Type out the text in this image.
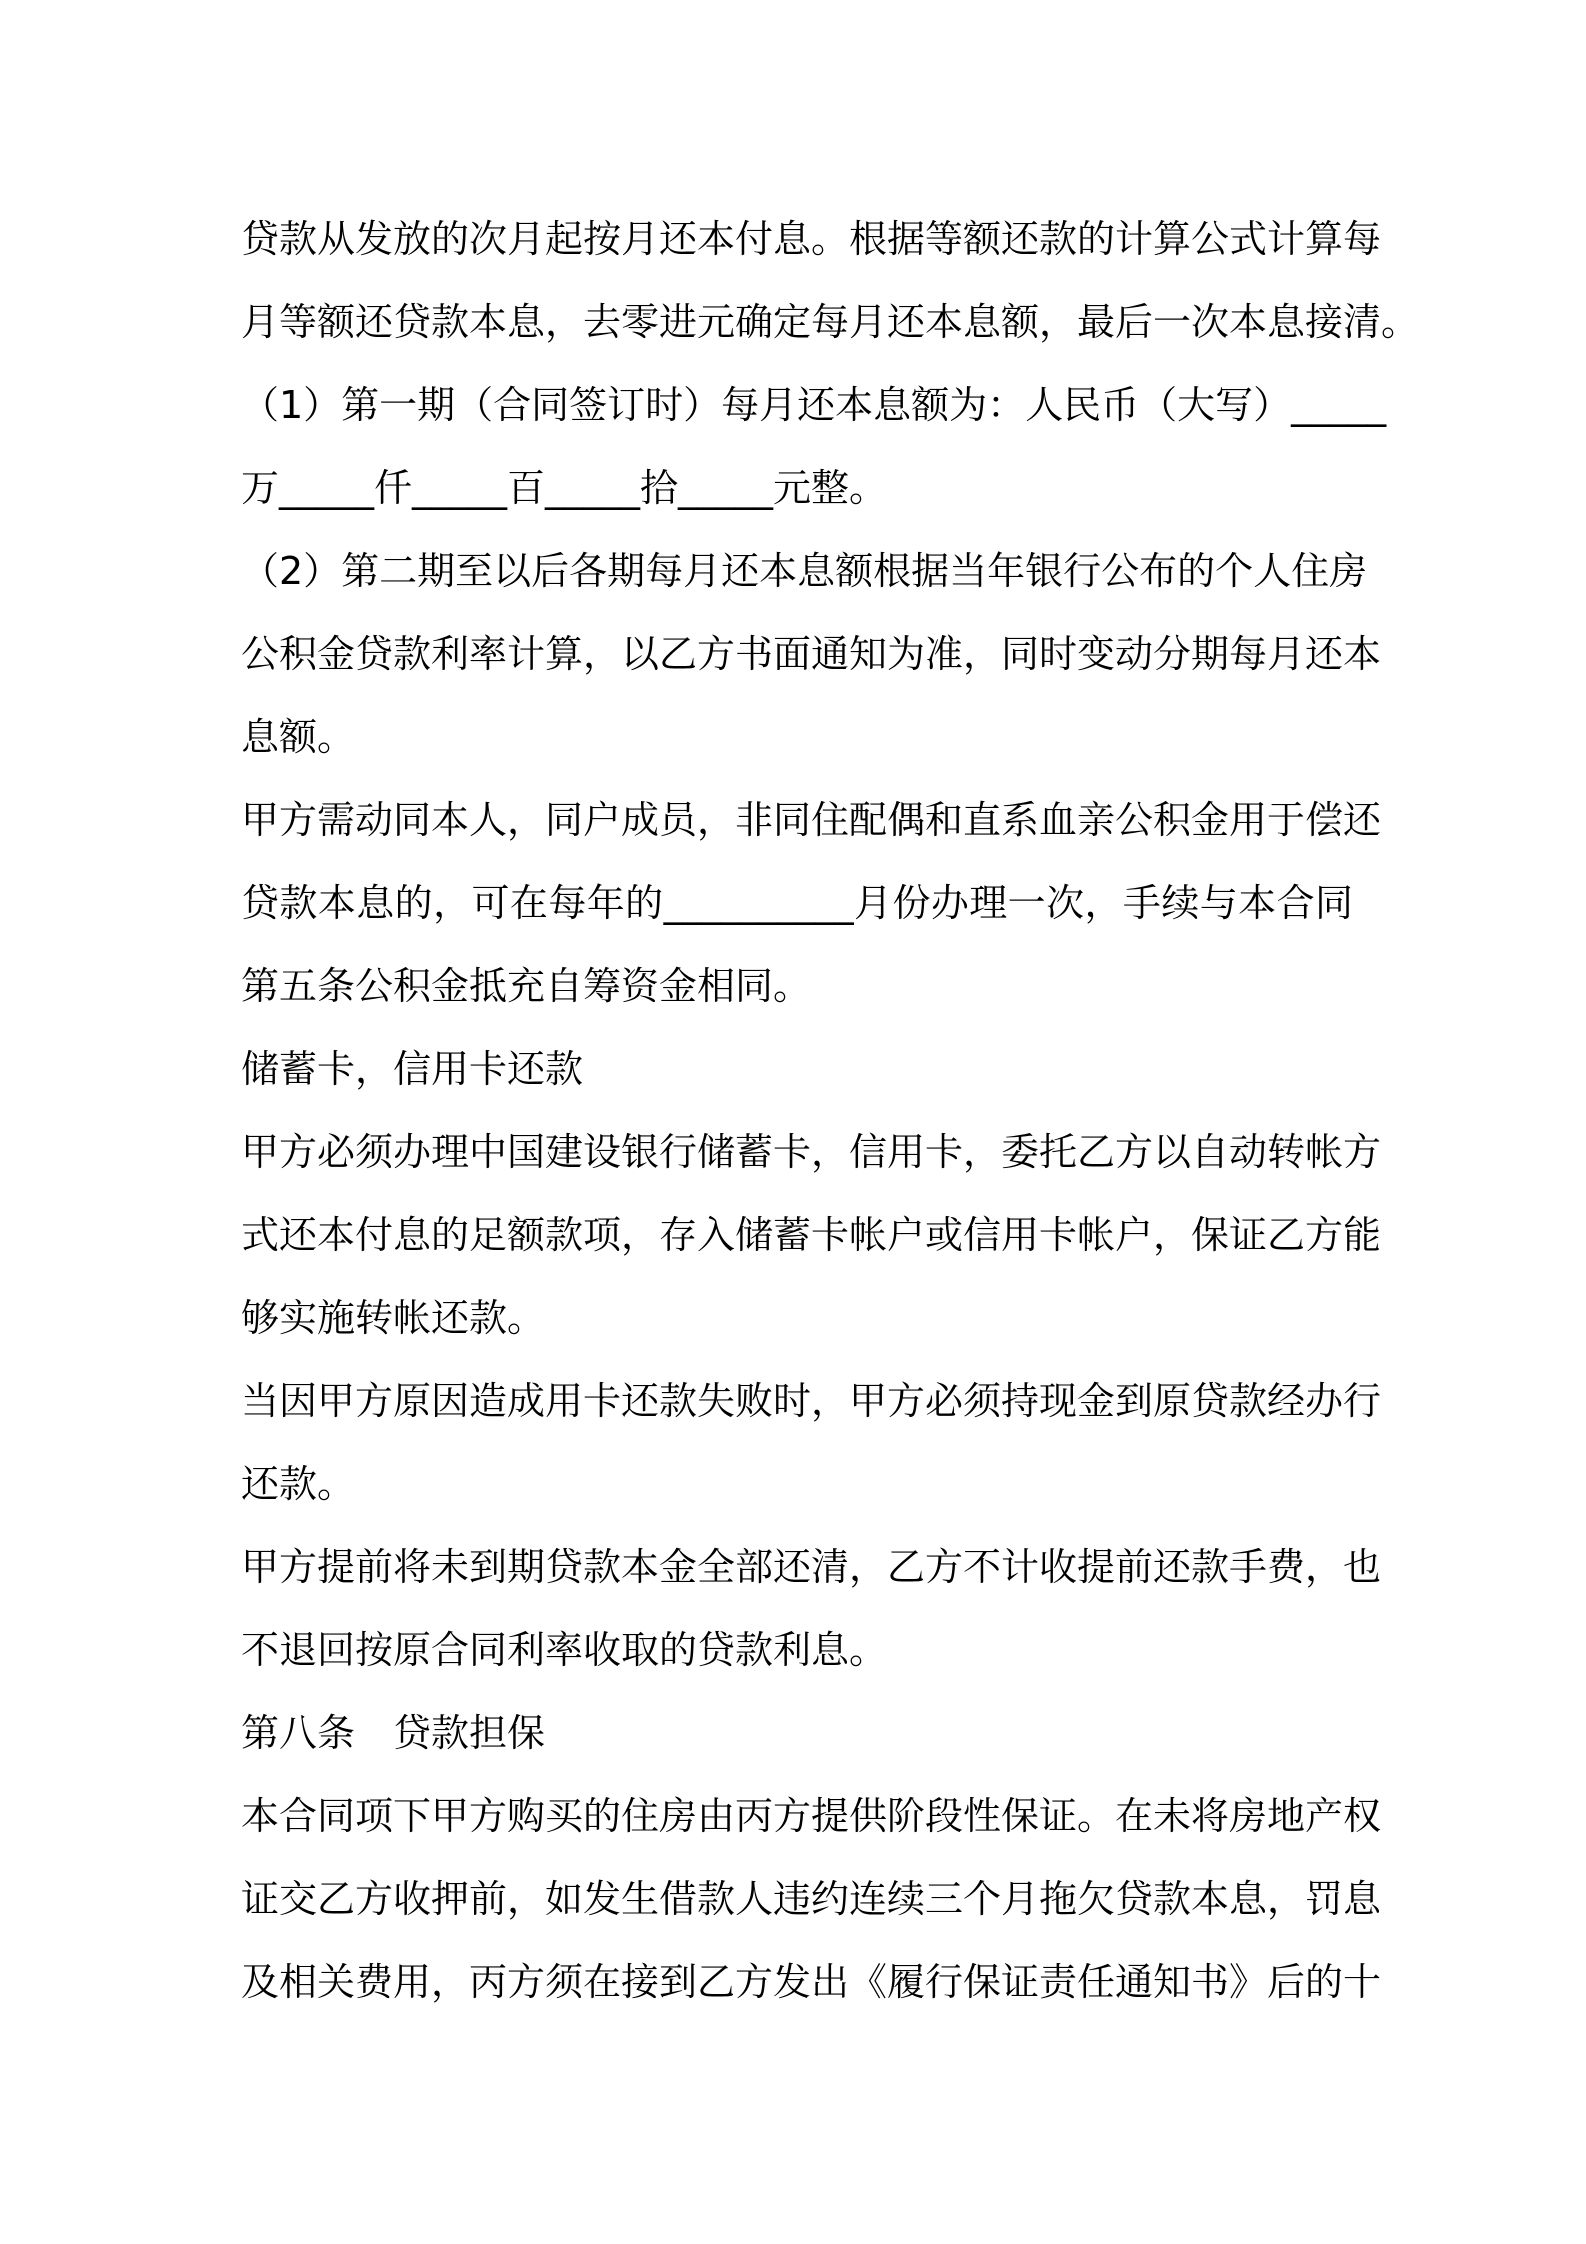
贷款从发放的次月起按月还本付息。根据等额还款的计算公式计算每
月等额还贷款本息，去零进元确定每月还本息额，最后一次本息接清。
（1）第一期（合同签订时）每月还本息额为：人民币（大写）_____
万_____仟_____百_____拾_____元整。
（2）第二期至以后各期每月还本息额根据当年银行公布的个人住房
公积金贷款利率计算，以乙方书面通知为准，同时变动分期每月还本
息额。
甲方需动同本人，同户成员，非同住配偶和直系血亲公积金用于偿还
贷款本息的，可在每年的__________月份办理一次，手续与本合同
第五条公积金抵充自筹资金相同。
储蓄卡，信用卡还款
甲方必须办理中国建设银行储蓄卡，信用卡，委托乙方以自动转帐方
式还本付息的足额款项，存入储蓄卡帐户或信用卡帐户，保证乙方能
够实施转帐还款。
当因甲方原因造成用卡还款失败时，甲方必须持现金到原贷款经办行
还款。
甲方提前将未到期贷款本金全部还清，乙方不计收提前还款手费，也
不退回按原合同利率收取的贷款利息。
第八条　贷款担保
本合同项下甲方购买的住房由丙方提供阶段性保证。在未将房地产权
证交乙方收押前，如发生借款人违约连续三个月拖欠贷款本息，罚息
及相关费用，丙方须在接到乙方发出《履行保证责任通知书》后的十
